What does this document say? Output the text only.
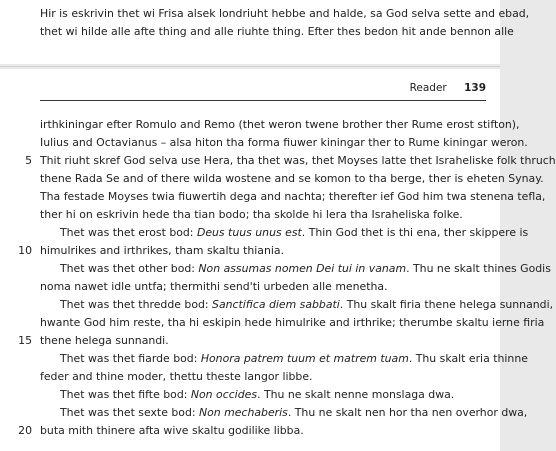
Hir is eskrivin thet wi Frisa alsek londriuht hebbe and halde, sa God selva sette and ebad,
thet wi hilde alle afte thing and alle riuhte thing. Efter thes bedon hit ande bennon alle
Reader 139
irthkiningar efter Romulo and Remo (thet weron twene brother ther Rume erost stifton),
Iulius and Octavianus – alsa hiton tha forma fiuwer kiningar ther to Rume kiningar weron.
5 Thit riuht skref God selva use Hera, tha thet was, thet Moyses latte thet Israheliske folk thruch
thene Rada Se and of there wilda wostene and se komon to tha berge, ther is eheten Synay.
Tha festade Moyses twia fiuwertih dega and nachta; therefter ief God him twa stenena tefla,
ther hi on eskrivin hede tha tian bodo; tha skolde hi lera tha Israheliska folke.
Thet was thet erost bod: Deus tuus unus est. Thin God thet is thi ena, ther skippere is
10 himulrikes and irthrikes, tham skaltu thiania.
Thet was thet other bod: Non assumas nomen Dei tui in vanam. Thu ne skalt thines Godis
noma nawet idle untfa; thermithi send'ti urbeden alle menetha.
Thet was thet thredde bod: Sanctifica diem sabbati. Thu skalt firia thene helega sunnandi,
hwante God him reste, tha hi eskipin hede himulrike and irthrike; therumbe skaltu ierne firia
15 thene helega sunnandi.
Thet was thet fiarde bod: Honora patrem tuum et matrem tuam. Thu skalt eria thinne
feder and thine moder, thettu theste langor libbe.
Thet was thet fifte bod: Non occides. Thu ne skalt nenne monslaga dwa.
Thet was thet sexte bod: Non mechaberis. Thu ne skalt nen hor tha nen overhor dwa,
20 buta mith thinere afta wive skaltu godilike libba.
